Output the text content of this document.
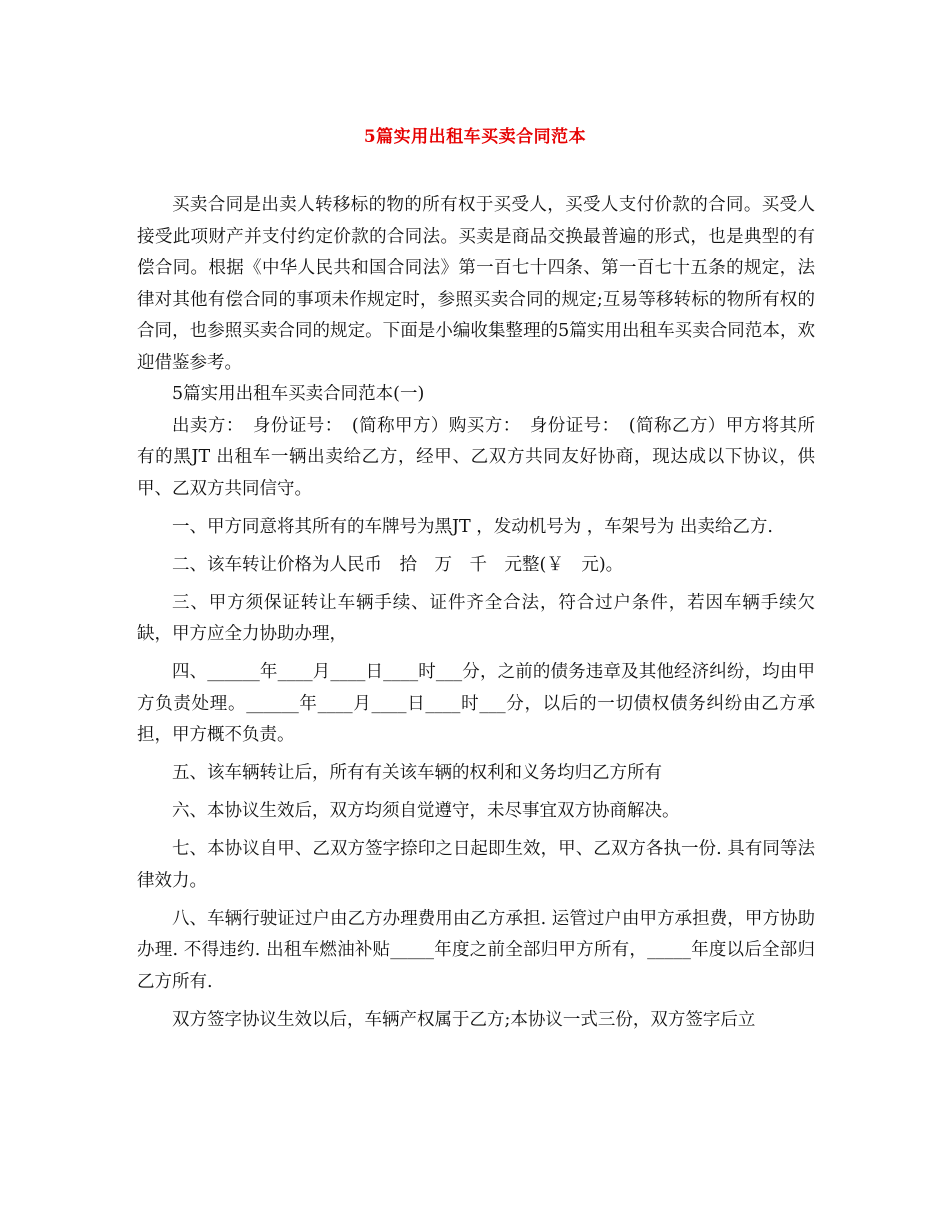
5篇实用出租车买卖合同范本

买卖合同是出卖人转移标的物的所有权于买受人，买受人支付价款的合同。买受人接受此项财产并支付约定价款的合同法。买卖是商品交换最普遍的形式，也是典型的有偿合同。根据《中华人民共和国合同法》第一百七十四条、第一百七十五条的规定，法律对其他有偿合同的事项未作规定时，参照买卖合同的规定;互易等移转标的物所有权的合同，也参照买卖合同的规定。下面是小编收集整理的5篇实用出租车买卖合同范本，欢迎借鉴参考。

5篇实用出租车买卖合同范本(一)

出卖方：　身份证号：　(简称甲方）购买方：　身份证号：　(简称乙方）甲方将其所有的黑JT 出租车一辆出卖给乙方，经甲、乙双方共同友好协商，现达成以下协议，供甲、乙双方共同信守。

一、甲方同意将其所有的车牌号为黑JT ，发动机号为 ，车架号为 出卖给乙方.

二、该车转让价格为人民币　拾　万　千　元整(￥　元)。

三、甲方须保证转让车辆手续、证件齐全合法，符合过户条件，若因车辆手续欠缺，甲方应全力协助办理，

四、______年____月____日____时___分，之前的债务违章及其他经济纠纷，均由甲方负责处理。______年____月____日____时___分，以后的一切债权债务纠纷由乙方承担，甲方概不负责。

五、该车辆转让后，所有有关该车辆的权利和义务均归乙方所有

六、本协议生效后，双方均须自觉遵守，未尽事宜双方协商解决。

七、本协议自甲、乙双方签字捺印之日起即生效，甲、乙双方各执一份. 具有同等法律效力。

八、车辆行驶证过户由乙方办理费用由乙方承担. 运管过户由甲方承担费，甲方协助办理. 不得违约. 出租车燃油补贴_____年度之前全部归甲方所有，_____年度以后全部归乙方所有.

双方签字协议生效以后，车辆产权属于乙方;本协议一式三份，双方签字后立
